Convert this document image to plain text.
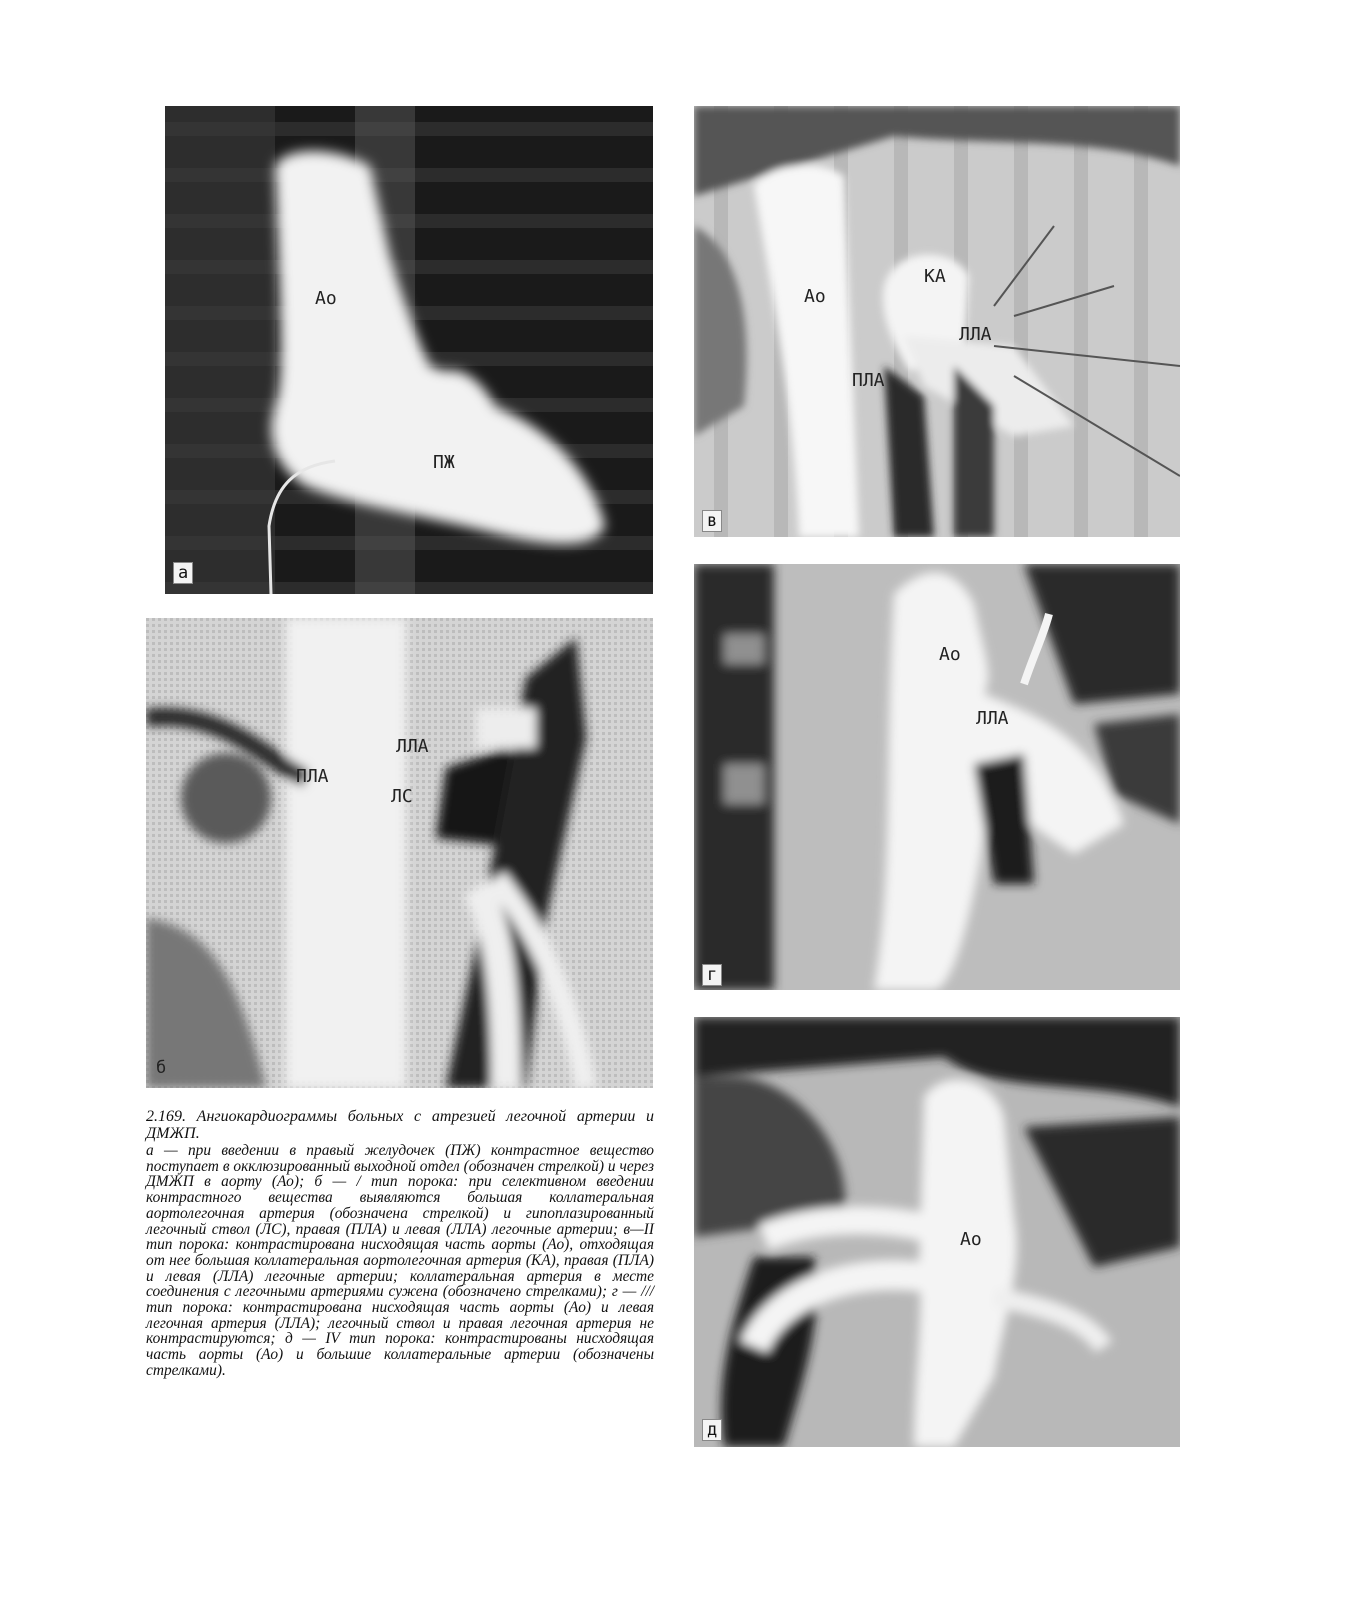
Ао
ПЖ
а
ПЛА
ЛЛА
ЛС
б
Ао
КА
ЛЛА
ПЛА
в
Ао
ЛЛА
г
Ао
д

2.169. Ангиокардиограммы больных с атрезией легочной артерии и ДМЖП.

а — при введении в правый желудочек (ПЖ) контрастное вещество поступает в окклюзированный выходной отдел (обозначен стрелкой) и через ДМЖП в аорту (Ао); б — / тип порока: при селективном введении контрастного вещества выявляются большая коллатеральная аортолегочная артерия (обозначена стрелкой) и гипоплазированный легочный ствол (ЛС), правая (ПЛА) и левая (ЛЛА) легочные артерии; в—II тип порока: контрастирована нисходящая часть аорты (Ао), отходящая от нее большая коллатеральная аортолегочная артерия (КА), правая (ПЛА) и левая (ЛЛА) легочные артерии; коллатеральная артерия в месте соединения с легочными артериями сужена (обозначено стрелками); г — /// тип порока: контрастирована нисходящая часть аорты (Ао) и левая легочная артерия (ЛЛА); легочный ствол и правая легочная артерия не контрастируются; д — IV тип порока: контрастированы нисходящая часть аорты (Ао) и большие коллатеральные артерии (обозначены стрелками).
